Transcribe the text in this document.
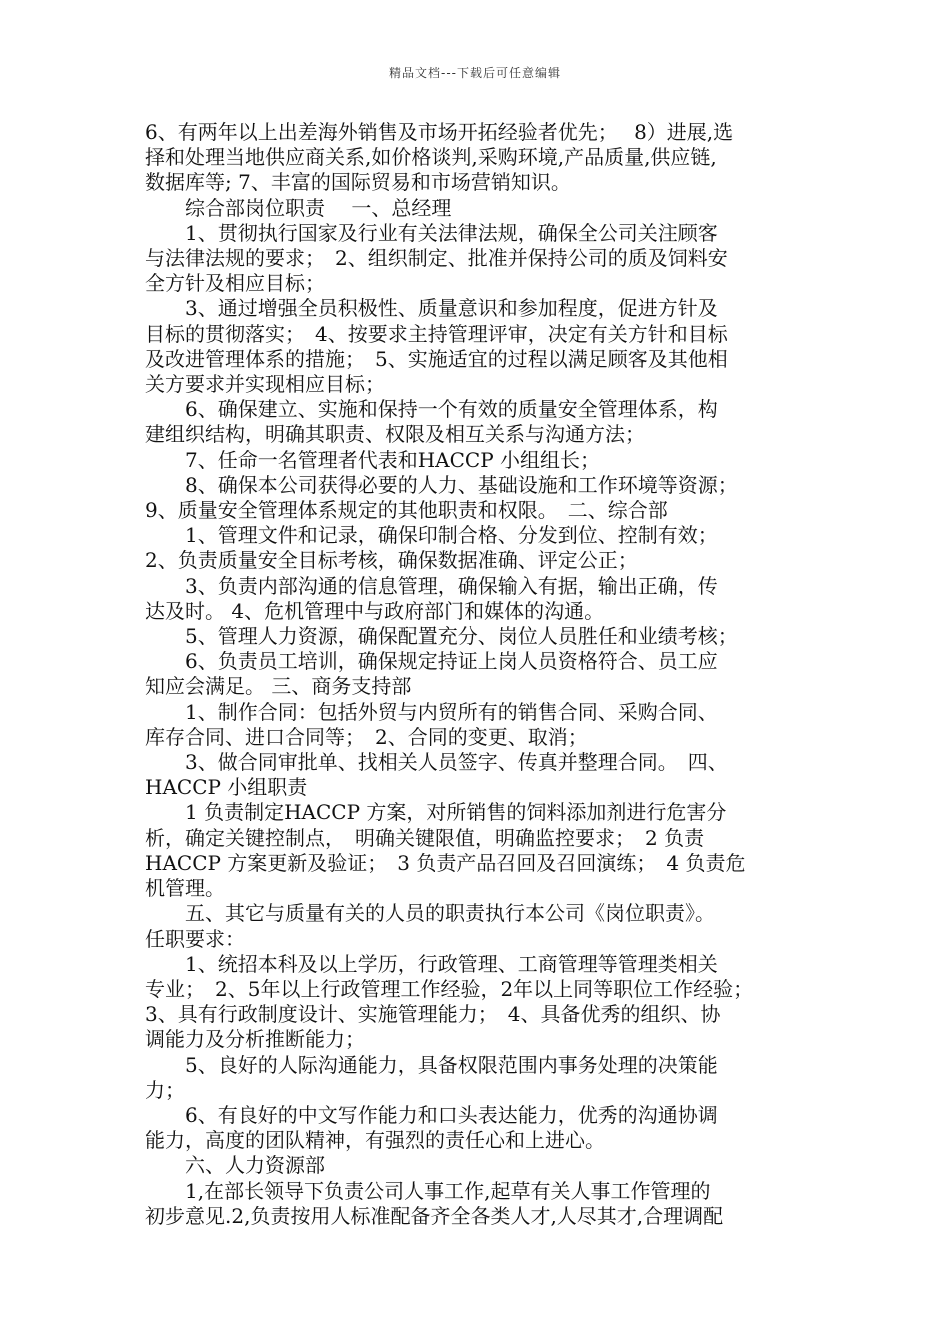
精品文档---下载后可任意编辑

6、有两年以上出差海外销售及市场开拓经验者优先；　 8）进展,选

择和处理当地供应商关系,如价格谈判,采购环境,产品质量,供应链,

数据库等; 7、丰富的国际贸易和市场营销知识。

　　综合部岗位职责　 一、总经理

　　1、贯彻执行国家及行业有关法律法规，确保全公司关注顾客

与法律法规的要求；　2、组织制定、批准并保持公司的质及饲料安

全方针及相应目标；

　　3、通过增强全员积极性、质量意识和参加程度，促进方针及

目标的贯彻落实；　4、按要求主持管理评审，决定有关方针和目标

及改进管理体系的措施；　5、实施适宜的过程以满足顾客及其他相

关方要求并实现相应目标；

　　6、确保建立、实施和保持一个有效的质量安全管理体系，构

建组织结构，明确其职责、权限及相互关系与沟通方法；

　　7、任命一名管理者代表和HACCP 小组组长；

　　8、确保本公司获得必要的人力、基础设施和工作环境等资源；

9、质量安全管理体系规定的其他职责和权限。　二、综合部

　　1、管理文件和记录，确保印制合格、分发到位、控制有效；

2、负责质量安全目标考核，确保数据准确、评定公正；

　　3、负责内部沟通的信息管理，确保输入有据，输出正确，传

达及时。 4、危机管理中与政府部门和媒体的沟通。

　　5、管理人力资源，确保配置充分、岗位人员胜任和业绩考核；

　　6、负责员工培训，确保规定持证上岗人员资格符合、员工应

知应会满足。 三、商务支持部

　　1、制作合同：包括外贸与内贸所有的销售合同、采购合同、

库存合同、进口合同等；　2、合同的变更、取消；

　　3、做合同审批单、找相关人员签字、传真并整理合同。　四、

HACCP 小组职责

　　1 负责制定HACCP 方案，对所销售的饲料添加剂进行危害分

析，确定关键控制点，　明确关键限值，明确监控要求；　2 负责

HACCP 方案更新及验证；　3 负责产品召回及召回演练；　4 负责危

机管理。

　　五、其它与质量有关的人员的职责执行本公司《岗位职责》。

任职要求：

　　1、统招本科及以上学历，行政管理、工商管理等管理类相关

专业；　2、5年以上行政管理工作经验，2年以上同等职位工作经验；

3、具有行政制度设计、实施管理能力；　4、具备优秀的组织、协

调能力及分析推断能力；

　　5、良好的人际沟通能力，具备权限范围内事务处理的决策能

力；

　　6、有良好的中文写作能力和口头表达能力，优秀的沟通协调

能力，高度的团队精神，有强烈的责任心和上进心。

　　六、人力资源部

　　1,在部长领导下负责公司人事工作,起草有关人事工作管理的

初步意见.2,负责按用人标准配备齐全各类人才,人尽其才,合理调配
